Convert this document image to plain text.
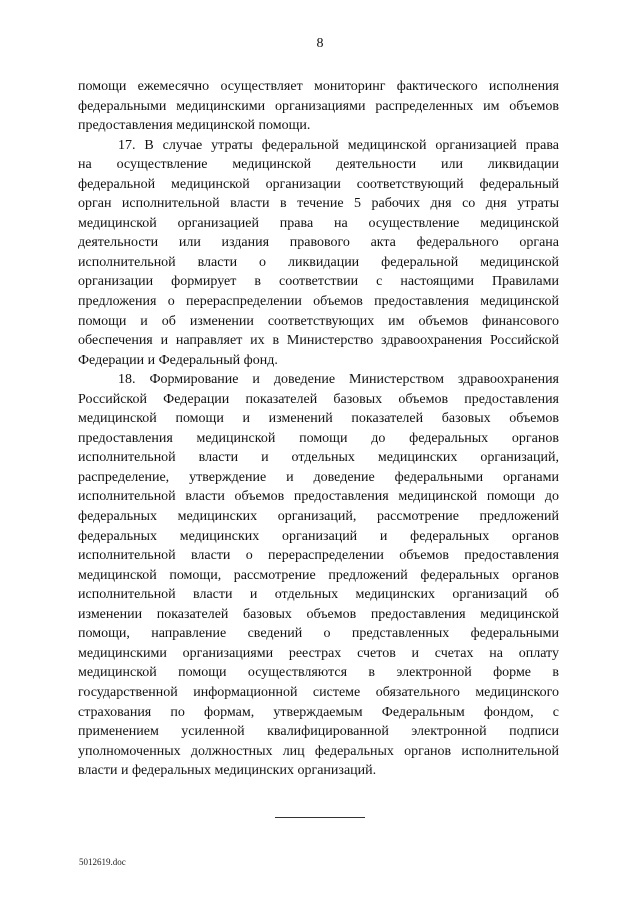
8
помощи ежемесячно осуществляет мониторинг фактического исполнения
федеральными медицинскими организациями распределенных им объемов
предоставления медицинской помощи.
17. В случае утраты федеральной медицинской организацией права
на осуществление медицинской деятельности или ликвидации
федеральной медицинской организации соответствующий федеральный
орган исполнительной власти в течение 5 рабочих дня со дня утраты
медицинской организацией права на осуществление медицинской
деятельности или издания правового акта федерального органа
исполнительной власти о ликвидации федеральной медицинской
организации формирует в соответствии с настоящими Правилами
предложения о перераспределении объемов предоставления медицинской
помощи и об изменении соответствующих им объемов финансового
обеспечения и направляет их в Министерство здравоохранения Российской
Федерации и Федеральный фонд.
18. Формирование и доведение Министерством здравоохранения
Российской Федерации показателей базовых объемов предоставления
медицинской помощи и изменений показателей базовых объемов
предоставления медицинской помощи до федеральных органов
исполнительной власти и отдельных медицинских организаций,
распределение, утверждение и доведение федеральными органами
исполнительной власти объемов предоставления медицинской помощи до
федеральных медицинских организаций, рассмотрение предложений
федеральных медицинских организаций и федеральных органов
исполнительной власти о перераспределении объемов предоставления
медицинской помощи, рассмотрение предложений федеральных органов
исполнительной власти и отдельных медицинских организаций об
изменении показателей базовых объемов предоставления медицинской
помощи, направление сведений о представленных федеральными
медицинскими организациями реестрах счетов и счетах на оплату
медицинской помощи осуществляются в электронной форме в
государственной информационной системе обязательного медицинского
страхования по формам, утверждаемым Федеральным фондом, с
применением усиленной квалифицированной электронной подписи
уполномоченных должностных лиц федеральных органов исполнительной
власти и федеральных медицинских организаций.
5012619.doc
